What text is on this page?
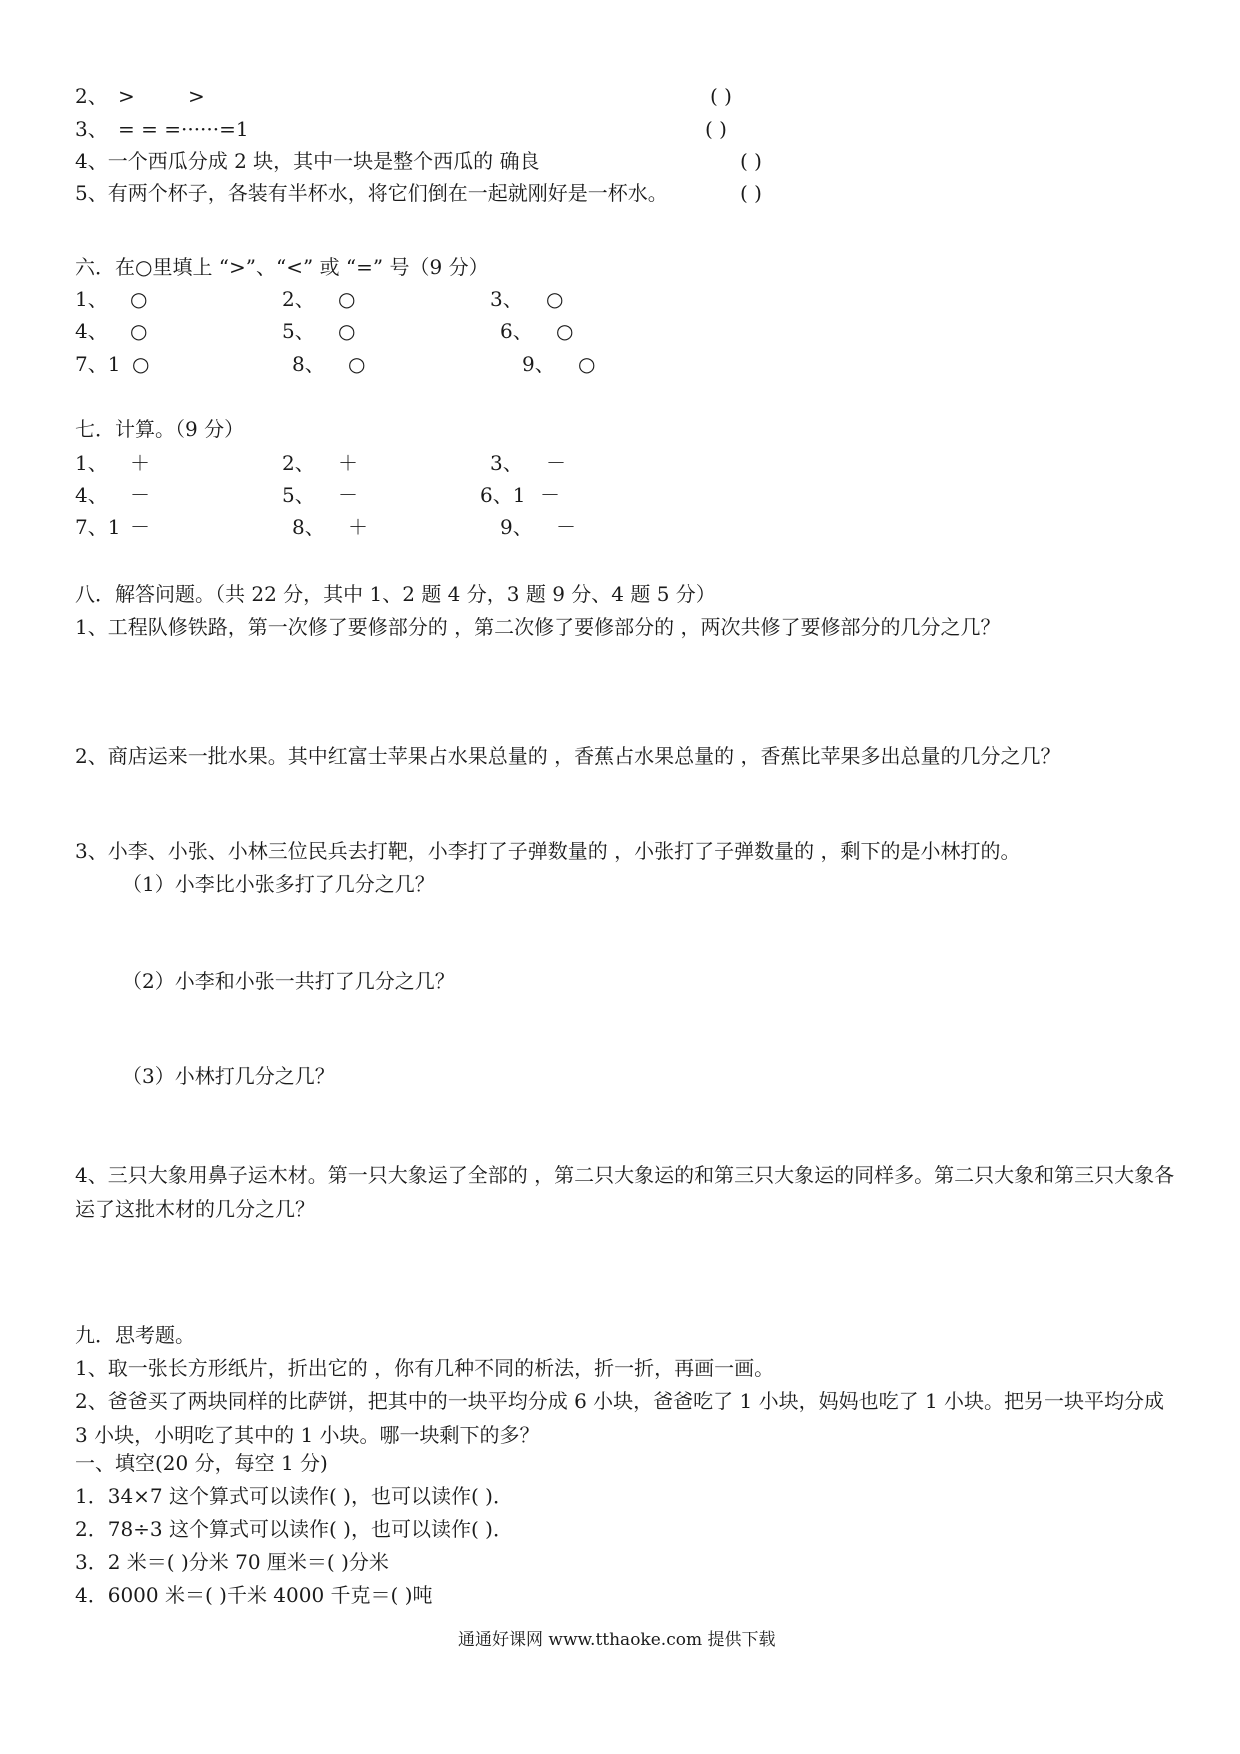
2、 >	>	( )
3、 = = =······=1	( )
4、一个西瓜分成 2 块，其中一块是整个西瓜的 确良	( )
5、有两个杯子，各装有半杯水，将它们倒在一起就刚好是一杯水。	( )
六．在○里填上 “>”、“<” 或 “=” 号（9 分）
1、 ○	2、 ○	3、 ○
4、 ○	5、 ○	6、 ○
7、1 ○	8、 ○	9、 ○
七．计算。（9 分）
1、 ＋	2、 ＋	3、 －
4、 －	5、 －	6、1 －
7、1 －	8、 ＋	9、 －
八．解答问题。（共 22 分，其中 1、2 题 4 分，3 题 9 分、4 题 5 分）
1、工程队修铁路，第一次修了要修部分的 ，第二次修了要修部分的 ，两次共修了要修部分的几分之几？
2、商店运来一批水果。其中红富士苹果占水果总量的 ，香蕉占水果总量的 ，香蕉比苹果多出总量的几分之几？
3、小李、小张、小林三位民兵去打靶，小李打了子弹数量的 ，小张打了子弹数量的 ，剩下的是小林打的。
（1）小李比小张多打了几分之几？
（2）小李和小张一共打了几分之几？
（3）小林打几分之几？
4、三只大象用鼻子运木材。第一只大象运了全部的 ，第二只大象运的和第三只大象运的同样多。第二只大象和第三只大象各运了这批木材的几分之几？
九．思考题。
1、取一张长方形纸片，折出它的 ，你有几种不同的析法，折一折，再画一画。
2、爸爸买了两块同样的比萨饼，把其中的一块平均分成 6 小块，爸爸吃了 1 小块，妈妈也吃了 1 小块。把另一块平均分成 3 小块，小明吃了其中的 1 小块。哪一块剩下的多？
一、填空(20 分，每空 1 分)
1．34×7 这个算式可以读作( )，也可以读作( )．
2．78÷3 这个算式可以读作( )，也可以读作( )．
3．2 米＝( )分米 70 厘米＝( )分米
4．6000 米＝( )千米 4000 千克＝( )吨
通通好课网 www.tthaoke.com 提供下载
